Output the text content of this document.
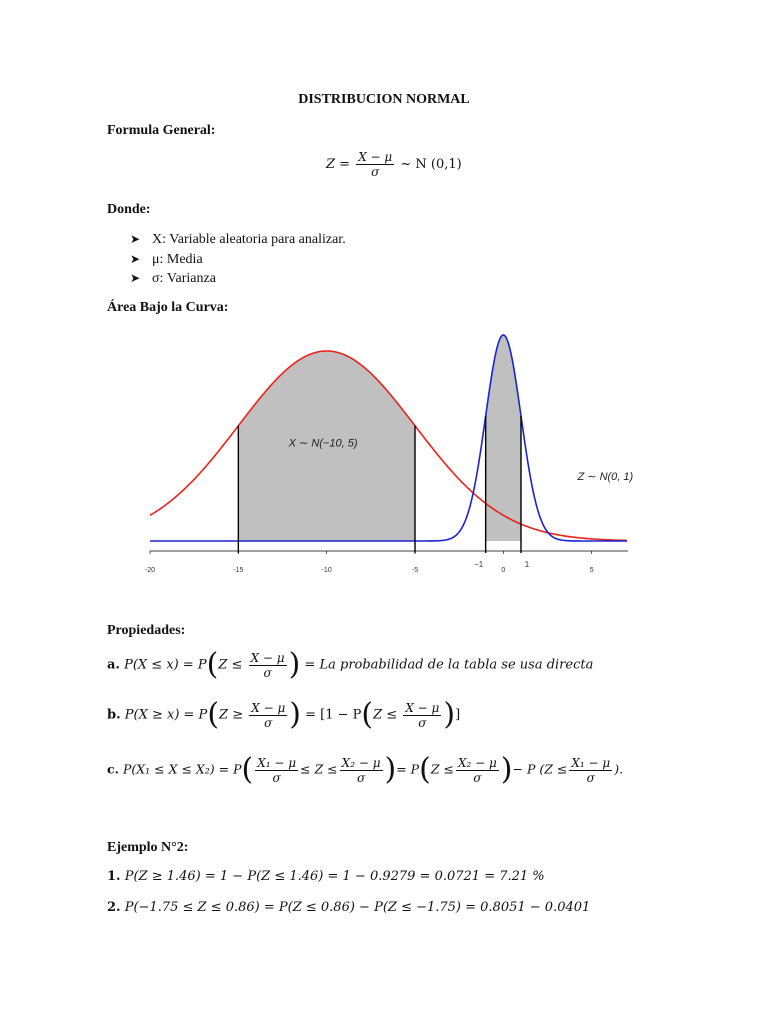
DISTRIBUCION NORMAL
Formula General:
$Z = \frac{X - \mu}{\sigma}$ ~ N (0,1)
Donde:
➤ X: Variable aleatoria para analizar.
➤ μ: Media
➤ σ: Varianza
Área Bajo la Curva:
-20	-15	-10	-5	0	5
−1	1
X ∼ N(−10, 5)
Z ∼ N(0, 1)
Propiedades:
a. $P(X \le x) = P(Z \le \frac{X - \mu}{\sigma}$ ) = La probabilidad de la tabla se usa directa
b. $P(X \ge x) = P(Z \ge \frac{X - \mu}{\sigma}$ ) = [$1 - P(Z \le \frac{X - \mu}{\sigma}$ )]
c. $P(X_1 \le X \le X_2) = P( \frac{\text{X₁ − μ}}{\sigma} \le Z \le \frac{\text{X₂ − μ}}{\sigma}$ )= $P(Z \le \frac{\text{X₂ − μ}}{\sigma}$ )− P ($Z \le \frac{\text{X₁ − μ}}{\sigma}$ ).
Ejemplo N°2:
1. P(Z ≥ 1.46) = 1 − P(Z ≤ 1.46) = 1 − 0.9279 = 0.0721 = 7.21 %
2. P(−1.75 ≤ Z ≤ 0.86) = P(Z ≤ 0.86) − P(Z ≤ −1.75) = 0.8051 − 0.0401
